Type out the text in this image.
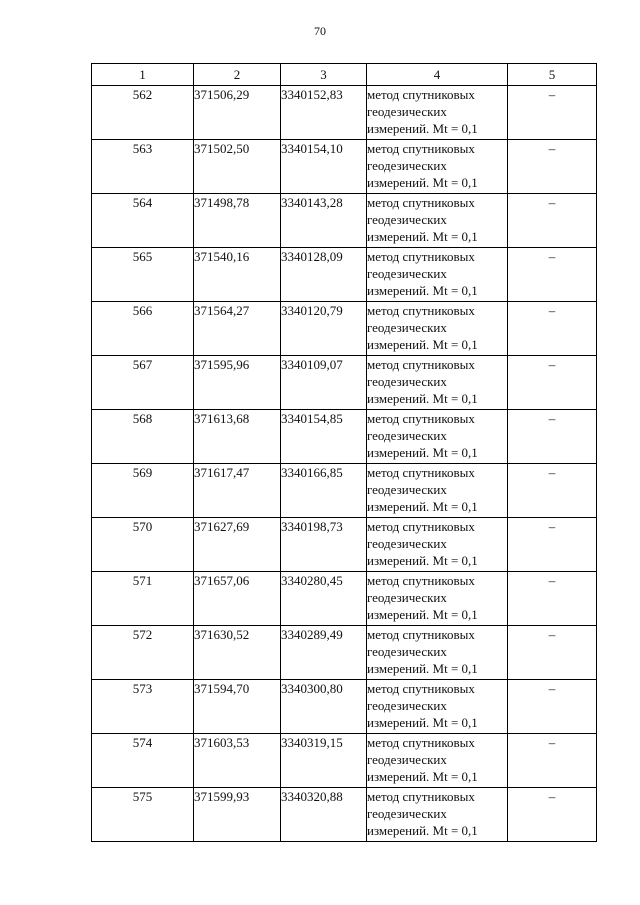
70
1	2	3	4	5
562	371506,29	3340152,83	метод спутниковых
геодезических
измерений. Mt = 0,1	–
563	371502,50	3340154,10	метод спутниковых
геодезических
измерений. Mt = 0,1	–
564	371498,78	3340143,28	метод спутниковых
геодезических
измерений. Mt = 0,1	–
565	371540,16	3340128,09	метод спутниковых
геодезических
измерений. Mt = 0,1	–
566	371564,27	3340120,79	метод спутниковых
геодезических
измерений. Mt = 0,1	–
567	371595,96	3340109,07	метод спутниковых
геодезических
измерений. Mt = 0,1	–
568	371613,68	3340154,85	метод спутниковых
геодезических
измерений. Mt = 0,1	–
569	371617,47	3340166,85	метод спутниковых
геодезических
измерений. Mt = 0,1	–
570	371627,69	3340198,73	метод спутниковых
геодезических
измерений. Mt = 0,1	–
571	371657,06	3340280,45	метод спутниковых
геодезических
измерений. Mt = 0,1	–
572	371630,52	3340289,49	метод спутниковых
геодезических
измерений. Mt = 0,1	–
573	371594,70	3340300,80	метод спутниковых
геодезических
измерений. Mt = 0,1	–
574	371603,53	3340319,15	метод спутниковых
геодезических
измерений. Mt = 0,1	–
575	371599,93	3340320,88	метод спутниковых
геодезических
измерений. Mt = 0,1	–
